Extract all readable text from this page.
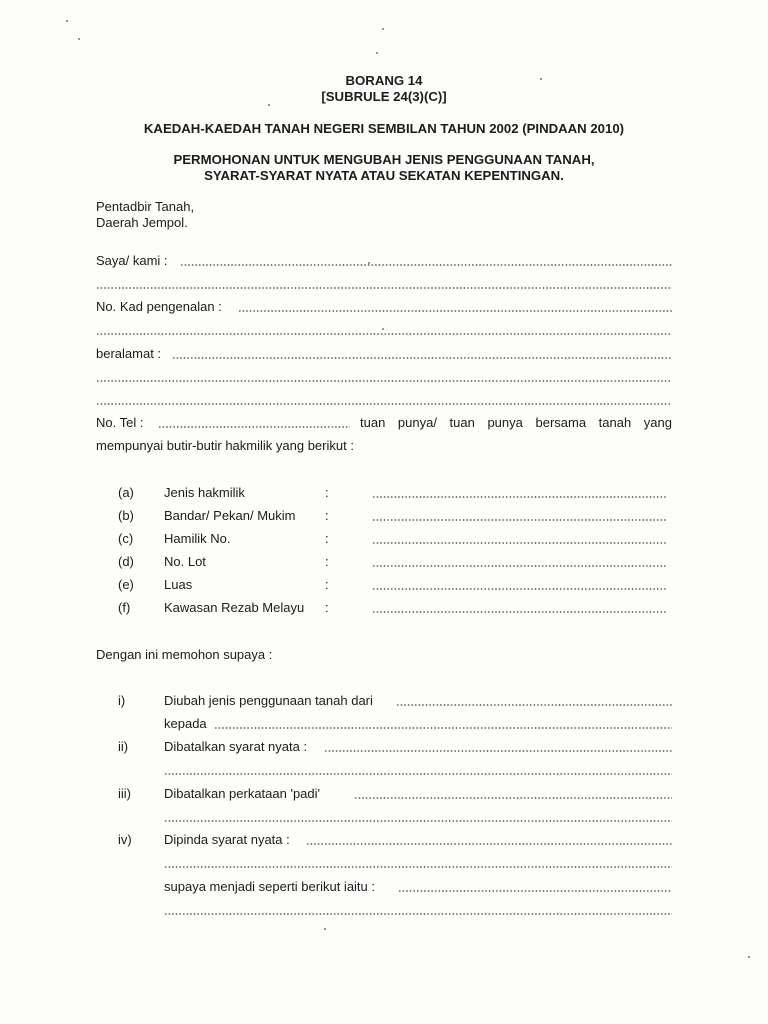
BORANG 14
[SUBRULE 24(3)(C)]
KAEDAH-KAEDAH TANAH NEGERI SEMBILAN TAHUN 2002 (PINDAAN 2010)
PERMOHONAN UNTUK MENGUBAH JENIS PENGGUNAAN TANAH,
SYARAT-SYARAT NYATA ATAU SEKATAN KEPENTINGAN.
Pentadbir Tanah,
Daerah Jempol.
Saya/ kami :
No. Kad pengenalan :
beralamat :
No. Tel :	tuan punya/ tuan punya bersama tanah yang
mempunyai butir-butir hakmilik yang berikut :
(a) Jenis hakmilik	:
(b) Bandar/ Pekan/ Mukim :
(c) Hamilik No.	:
(d) No. Lot	:
(e) Luas	:
(f)	Kawasan Rezab Melayu :
Dengan ini memohon supaya :
i)	Diubah jenis penggunaan tanah dari
kepada
ii)	Dibatalkan syarat nyata :
iii)	Dibatalkan perkataan 'padi'
iv) Dipinda syarat nyata :
supaya menjadi seperti berikut iaitu :
